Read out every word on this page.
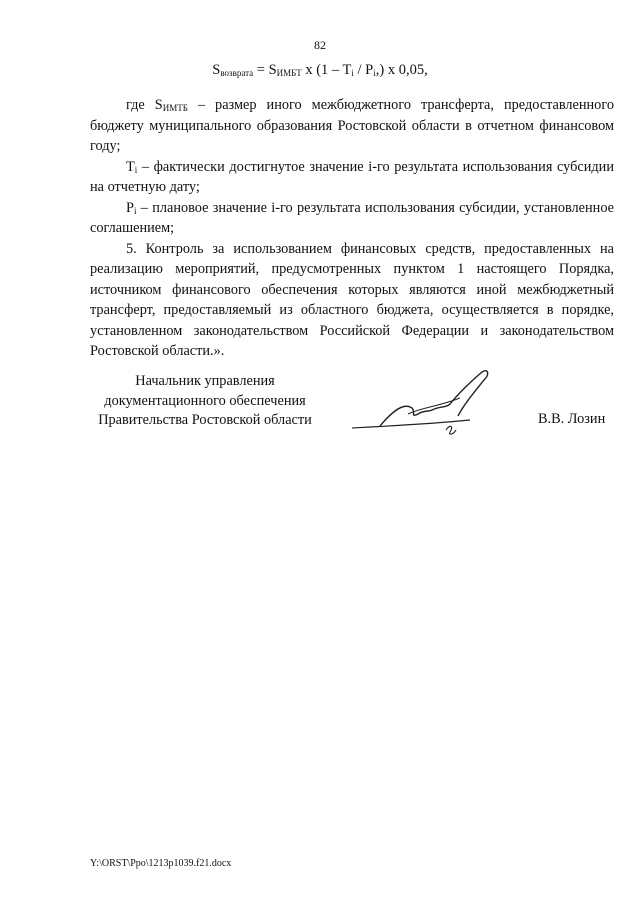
82
$S_{возврата} = S_{ИМБТ}$ x $(1 - T_i / P_i,)$ x 0,05,

где $S_{ИМТБ}$ – размер иного межбюджетного трансферта, предоставленного бюджету муниципального образования Ростовской области в отчетном финансовом году;

$T_i$ – фактически достигнутое значение i-го результата использования субсидии на отчетную дату;

$P_i$ – плановое значение i-го результата использования субсидии, установленное соглашением;

5. Контроль за использованием финансовых средств, предоставленных на реализацию мероприятий, предусмотренных пунктом 1 настоящего Порядка, источником финансового обеспечения которых являются иной межбюджетный трансферт, предоставляемый из областного бюджета, осуществляется в порядке, установленном законодательством Российской Федерации и законодательством Ростовской области.».

Начальник управления
документационного обеспечения
Правительства Ростовской области	В.В. Лозин
Y:\ORST\Ppo\1213p1039.f21.docx
